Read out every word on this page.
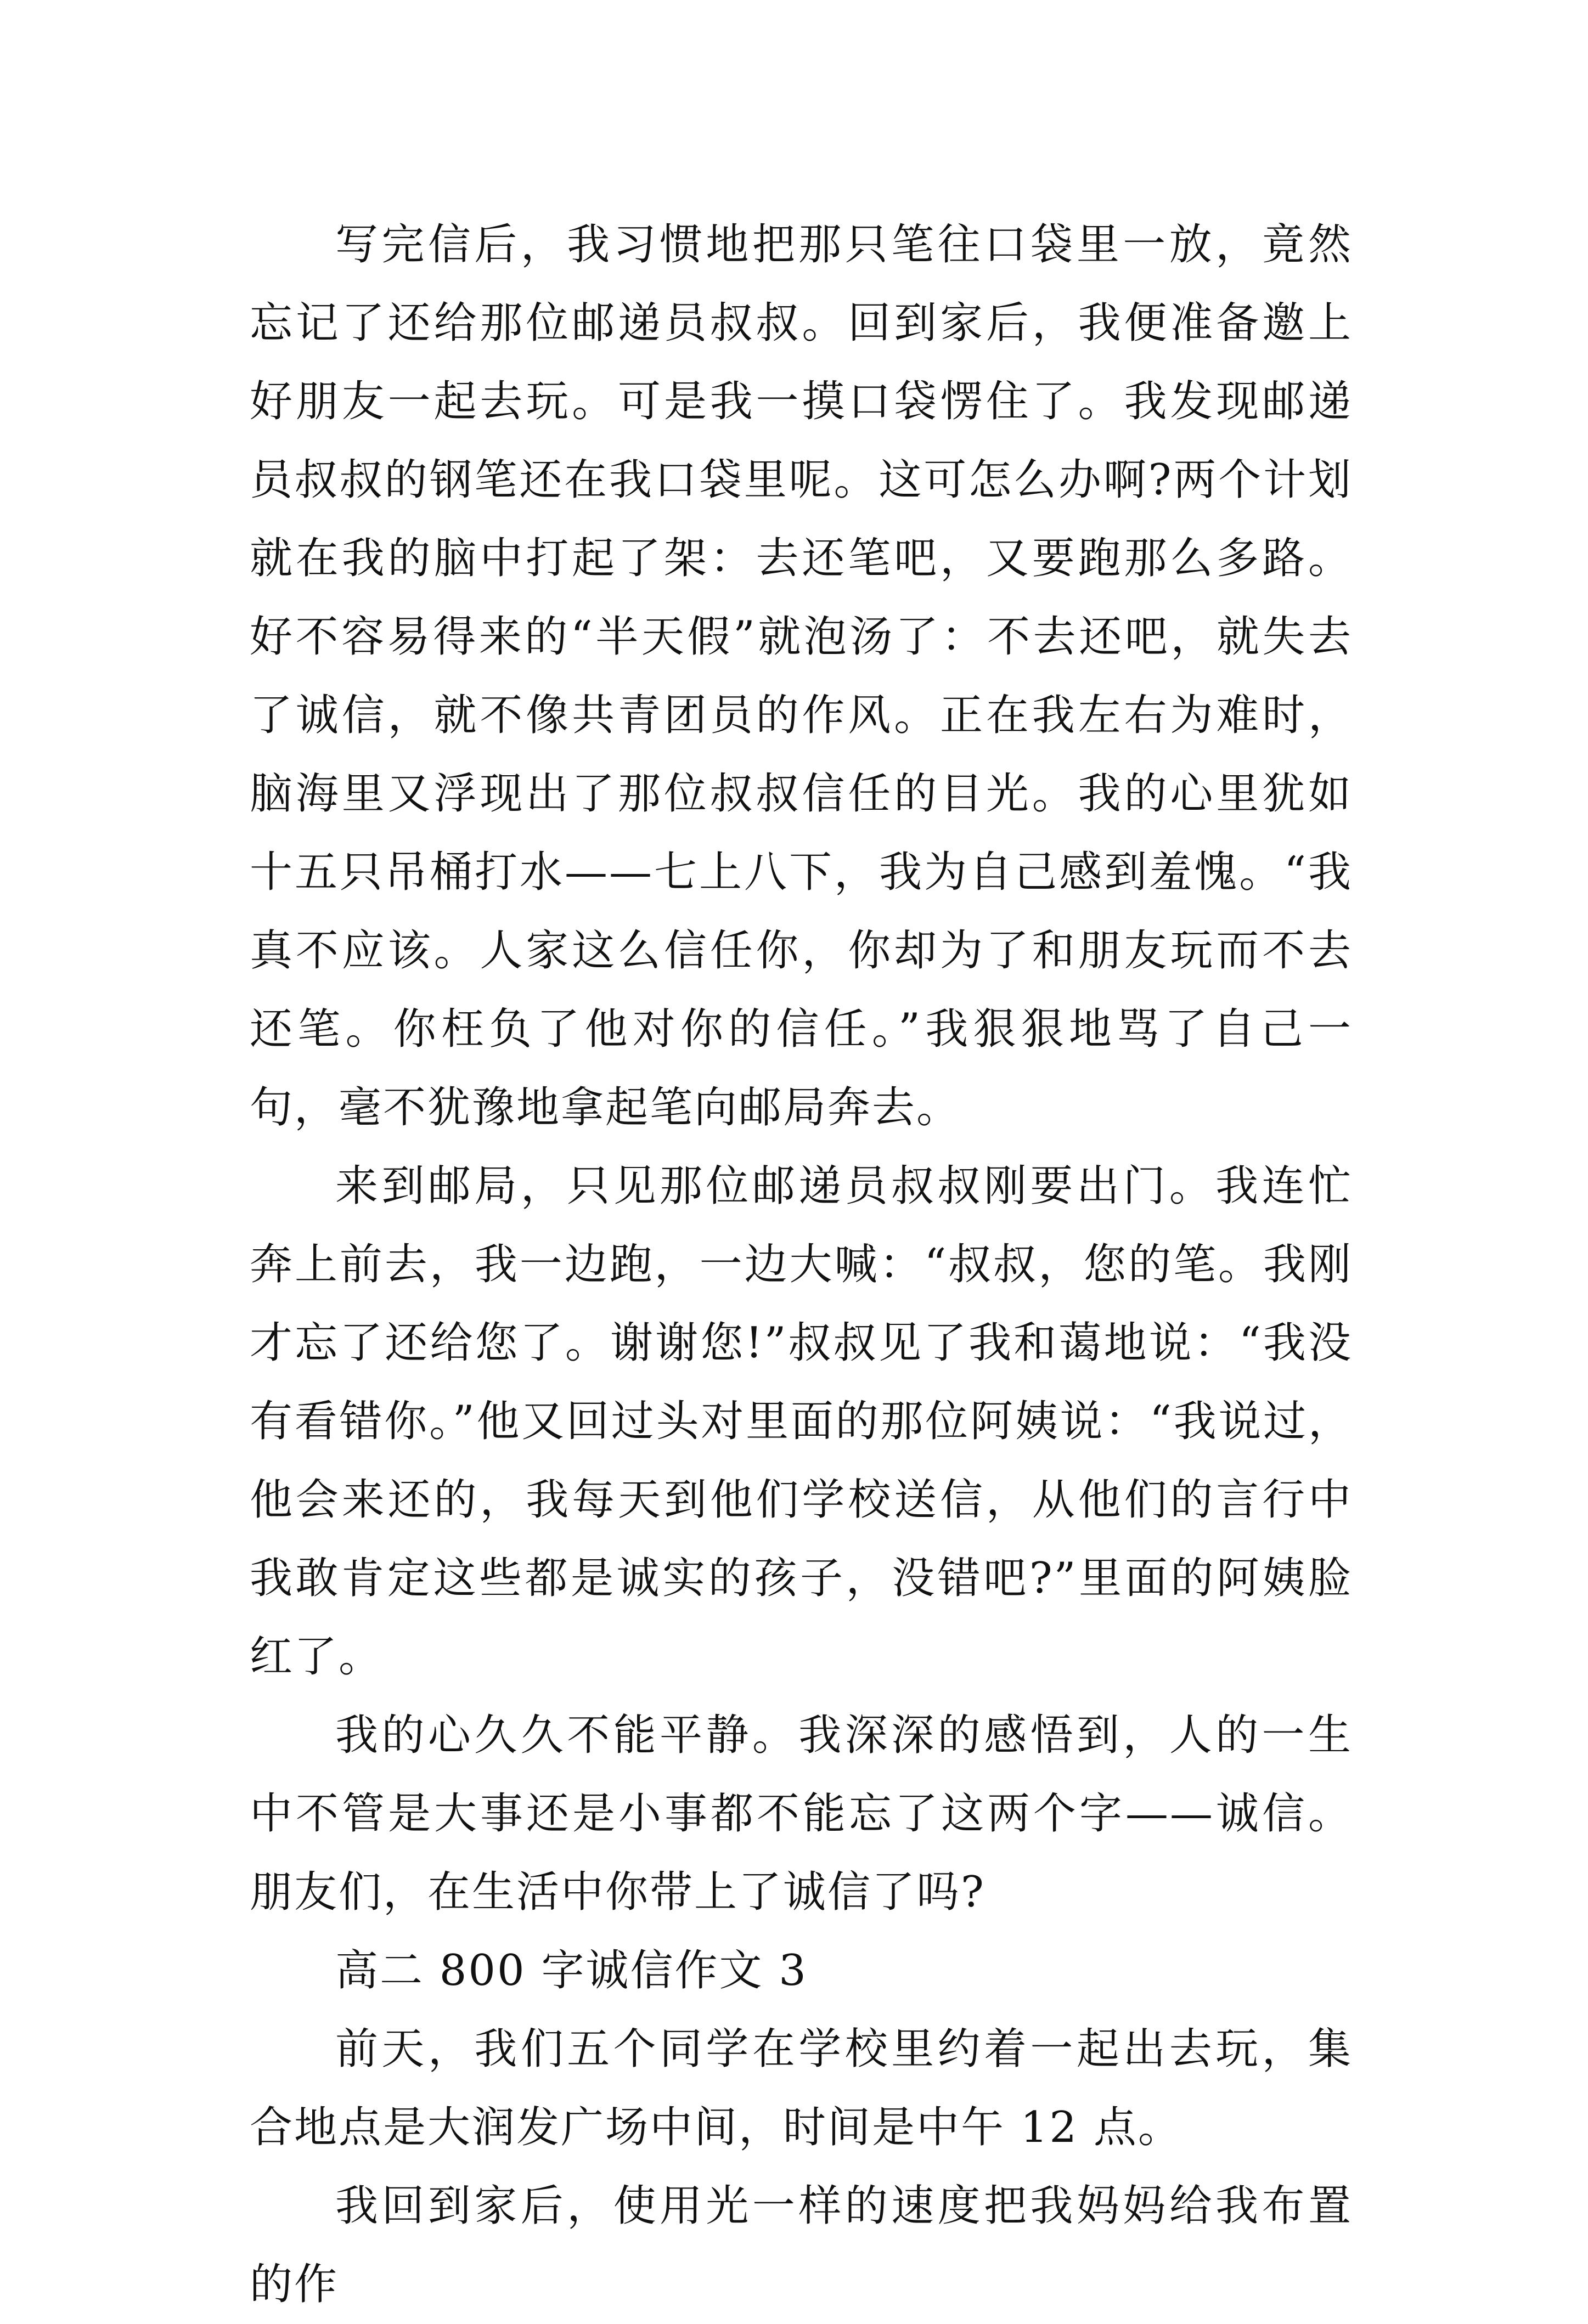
写完信后，我习惯地把那只笔往口袋里一放，竟然忘记了还给那位邮递员叔叔。回到家后，我便准备邀上好朋友一起去玩。可是我一摸口袋愣住了。我发现邮递员叔叔的钢笔还在我口袋里呢。这可怎么办啊?两个计划就在我的脑中打起了架：去还笔吧，又要跑那么多路。好不容易得来的“半天假”就泡汤了：不去还吧，就失去了诚信，就不像共青团员的作风。正在我左右为难时，脑海里又浮现出了那位叔叔信任的目光。我的心里犹如十五只吊桶打水——七上八下，我为自己感到羞愧。“我真不应该。人家这么信任你，你却为了和朋友玩而不去还笔。你枉负了他对你的信任。”我狠狠地骂了自己一句，毫不犹豫地拿起笔向邮局奔去。

来到邮局，只见那位邮递员叔叔刚要出门。我连忙奔上前去，我一边跑，一边大喊：“叔叔，您的笔。我刚才忘了还给您了。谢谢您!”叔叔见了我和蔼地说：“我没有看错你。”他又回过头对里面的那位阿姨说：“我说过，他会来还的，我每天到他们学校送信，从他们的言行中我敢肯定这些都是诚实的孩子，没错吧?”里面的阿姨脸红了。

我的心久久不能平静。我深深的感悟到，人的一生中不管是大事还是小事都不能忘了这两个字——诚信。朋友们，在生活中你带上了诚信了吗?

高二 800 字诚信作文 3

前天，我们五个同学在学校里约着一起出去玩，集合地点是大润发广场中间，时间是中午 12 点。

我回到家后，使用光一样的速度把我妈妈给我布置的作
